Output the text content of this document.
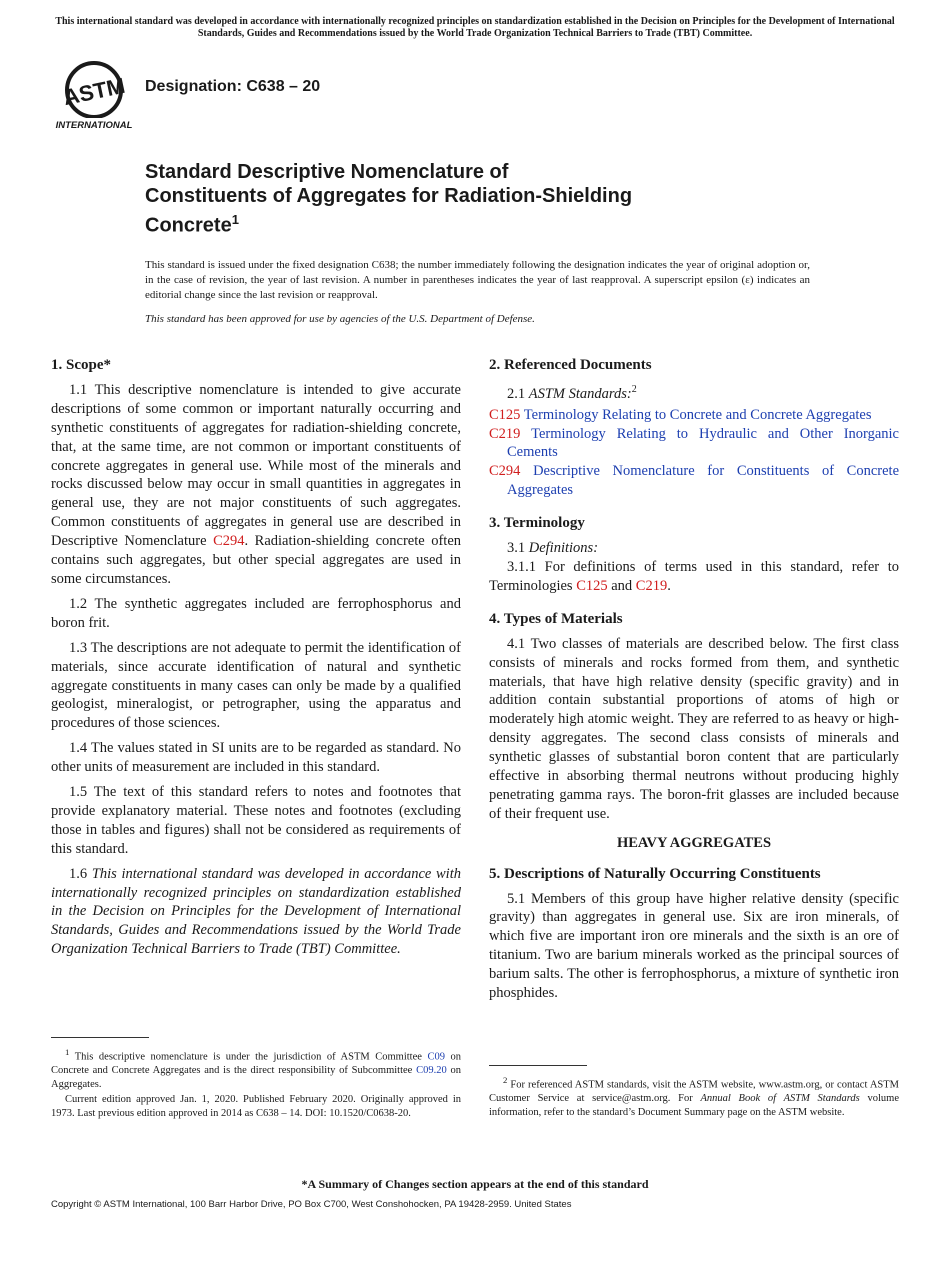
This international standard was developed in accordance with internationally recognized principles on standardization established in the Decision on Principles for the Development of International Standards, Guides and Recommendations issued by the World Trade Organization Technical Barriers to Trade (TBT) Committee.
ASTM
INTERNATIONAL
Designation: C638 – 20
Standard Descriptive Nomenclature of
Constituents of Aggregates for Radiation-Shielding
Concrete$^1$
This standard is issued under the fixed designation C638; the number immediately following the designation indicates the year of original adoption or, in the case of revision, the year of last revision. A number in parentheses indicates the year of last reapproval. A superscript epsilon (ε) indicates an editorial change since the last revision or reapproval.
This standard has been approved for use by agencies of the U.S. Department of Defense.
1. Scope*

1.1 This descriptive nomenclature is intended to give accurate descriptions of some common or important naturally occurring and synthetic constituents of aggregates for radiation-shielding concrete, that, at the same time, are not common or important constituents of concrete aggregates in general use. While most of the minerals and rocks discussed below may occur in small quantities in aggregates in general use, they are not major constituents of such aggregates. Common constituents of aggregates in general use are described in Descriptive Nomenclature C294. Radiation-shielding concrete often contains such aggregates, but other special aggregates are used in some circumstances.

1.2 The synthetic aggregates included are ferrophosphorus and boron frit.

1.3 The descriptions are not adequate to permit the identification of materials, since accurate identification of natural and synthetic aggregate constituents in many cases can only be made by a qualified geologist, mineralogist, or petrographer, using the apparatus and procedures of those sciences.

1.4 The values stated in SI units are to be regarded as standard. No other units of measurement are included in this standard.

1.5 The text of this standard refers to notes and footnotes that provide explanatory material. These notes and footnotes (excluding those in tables and figures) shall not be considered as requirements of this standard.

1.6 This international standard was developed in accordance with internationally recognized principles on standardization established in the Decision on Principles for the Development of International Standards, Guides and Recommendations issued by the World Trade Organization Technical Barriers to Trade (TBT) Committee.

2. Referenced Documents

2.1 ASTM Standards:$^2$

C125 Terminology Relating to Concrete and Concrete Aggregates

C219 Terminology Relating to Hydraulic and Other Inorganic Cements

C294 Descriptive Nomenclature for Constituents of Concrete Aggregates

3. Terminology

3.1 Definitions:

3.1.1 For definitions of terms used in this standard, refer to Terminologies C125 and C219.

4. Types of Materials

4.1 Two classes of materials are described below. The first class consists of minerals and rocks formed from them, and synthetic materials, that have high relative density (specific gravity) and in addition contain substantial proportions of atoms of high or moderately high atomic weight. They are referred to as heavy or high-density aggregates. The second class consists of minerals and synthetic glasses of substantial boron content that are particularly effective in absorbing thermal neutrons without producing highly penetrating gamma rays. The boron-frit glasses are included because of their frequent use.

HEAVY AGGREGATES
5. Descriptions of Naturally Occurring Constituents

5.1 Members of this group have higher relative density (specific gravity) than aggregates in general use. Six are iron minerals, of which five are important iron ore minerals and the sixth is an ore of titanium. Two are barium minerals worked as the principal sources of barium salts. The other is ferrophosphorus, a mixture of synthetic iron phosphides.

$^1$ This descriptive nomenclature is under the jurisdiction of ASTM Committee C09 on Concrete and Concrete Aggregates and is the direct responsibility of Subcommittee C09.20 on Aggregates.

Current edition approved Jan. 1, 2020. Published February 2020. Originally approved in 1973. Last previous edition approved in 2014 as C638 – 14. DOI: 10.1520/C0638-20.

$^2$ For referenced ASTM standards, visit the ASTM website, www.astm.org, or contact ASTM Customer Service at service@astm.org. For Annual Book of ASTM Standards volume information, refer to the standard’s Document Summary page on the ASTM website.

*A Summary of Changes section appears at the end of this standard
Copyright © ASTM International, 100 Barr Harbor Drive, PO Box C700, West Conshohocken, PA 19428-2959. United States
